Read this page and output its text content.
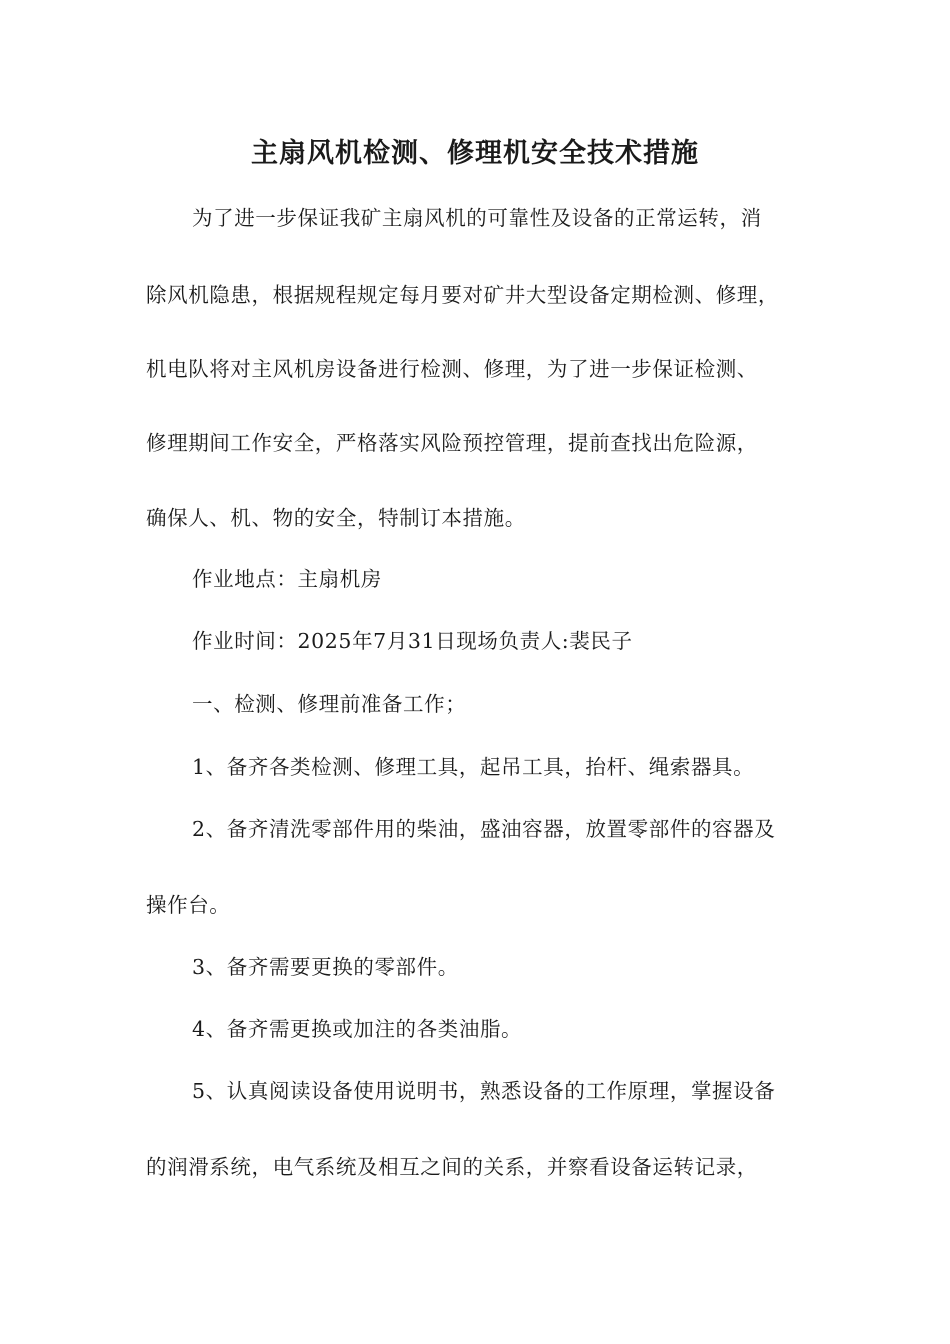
主扇风机检测、修理机安全技术措施
为了进一步保证我矿主扇风机的可靠性及设备的正常运转，消
除风机隐患，根据规程规定每月要对矿井大型设备定期检测、修理，
机电队将对主风机房设备进行检测、修理，为了进一步保证检测、
修理期间工作安全，严格落实风险预控管理，提前查找出危险源，
确保人、机、物的安全，特制订本措施。
作业地点：主扇机房
作业时间：2025年7月31日现场负责人:裴民子
一、检测、修理前准备工作；
1、备齐各类检测、修理工具，起吊工具，抬杆、绳索器具。
2、备齐清洗零部件用的柴油，盛油容器，放置零部件的容器及
操作台。
3、备齐需要更换的零部件。
4、备齐需更换或加注的各类油脂。
5、认真阅读设备使用说明书，熟悉设备的工作原理，掌握设备
的润滑系统，电气系统及相互之间的关系，并察看设备运转记录，
